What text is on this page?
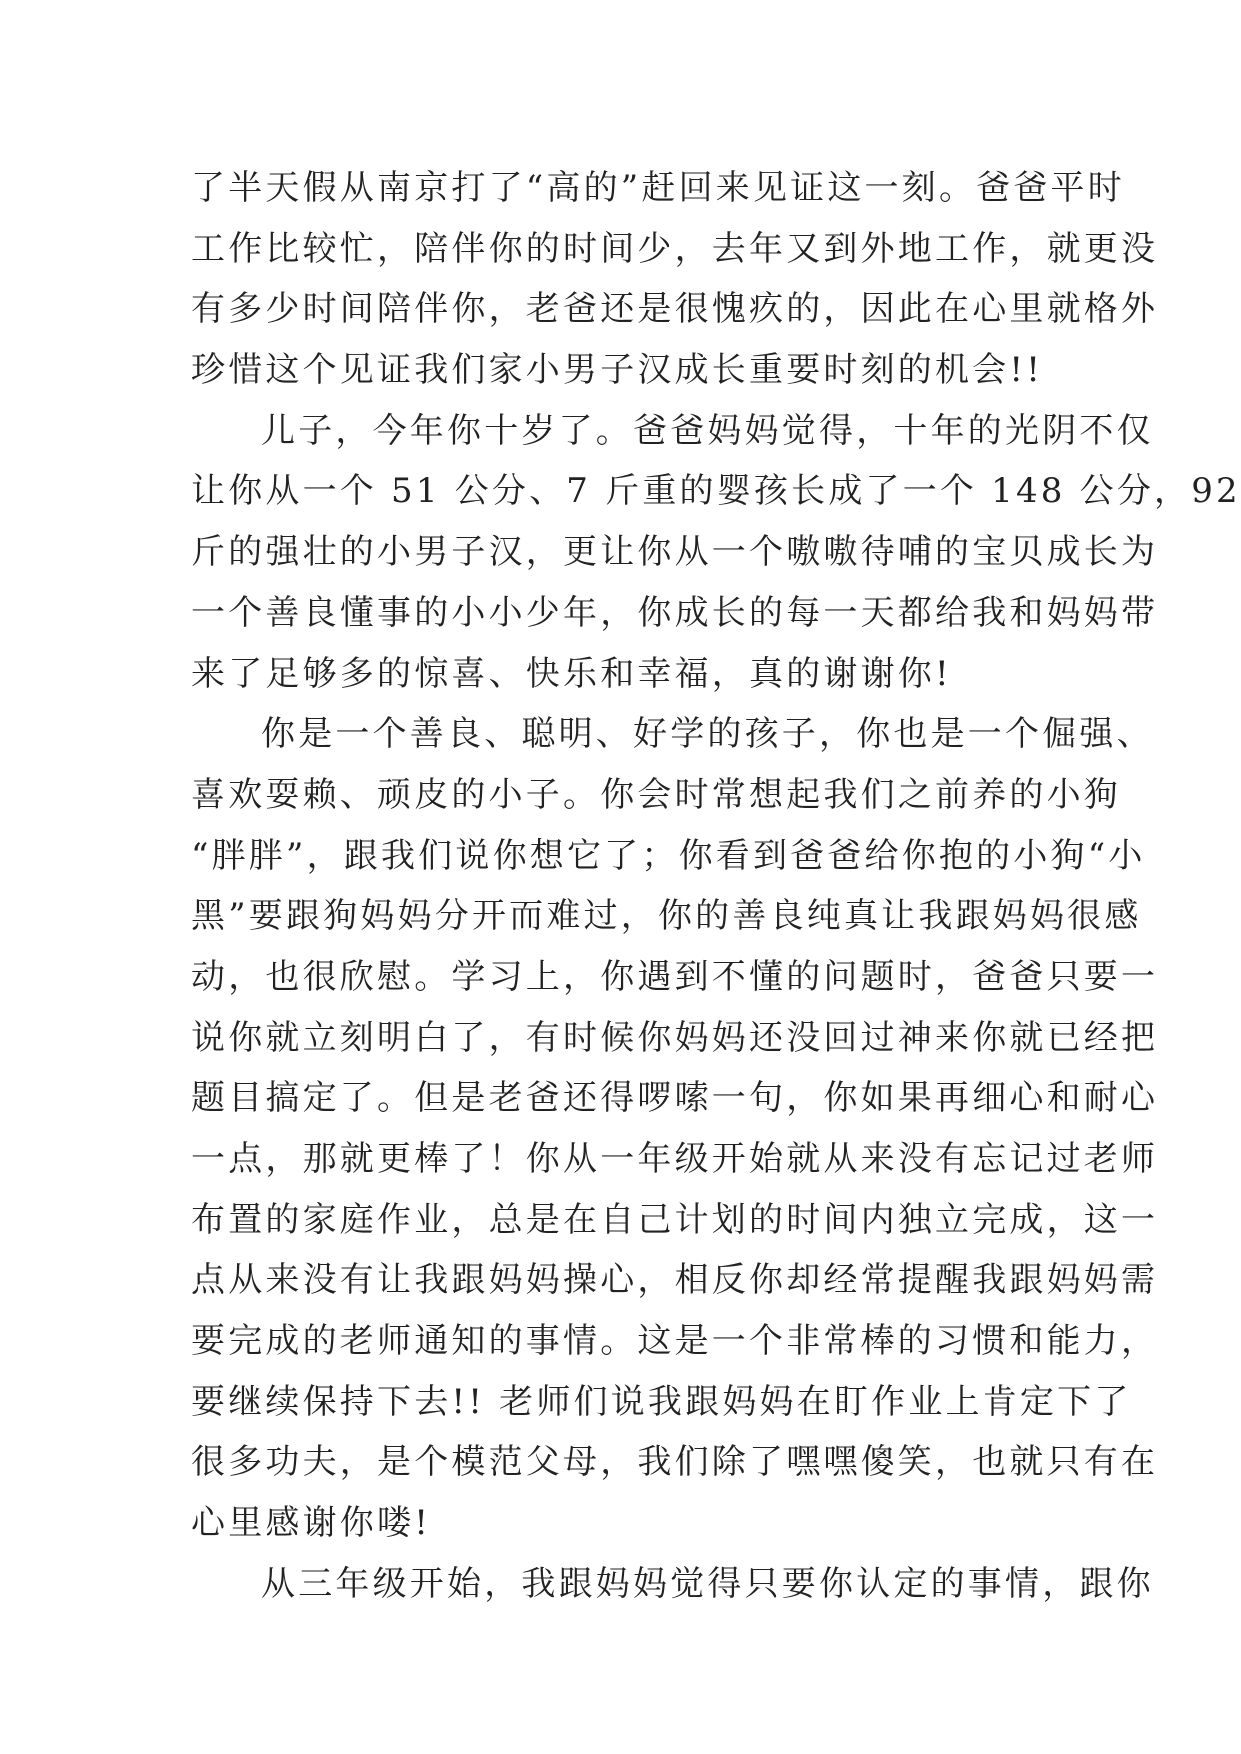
了半天假从南京打了“高的”赶回来见证这一刻。爸爸平时
工作比较忙，陪伴你的时间少，去年又到外地工作，就更没
有多少时间陪伴你，老爸还是很愧疚的，因此在心里就格外
珍惜这个见证我们家小男子汉成长重要时刻的机会!!
儿子，今年你十岁了。爸爸妈妈觉得，十年的光阴不仅
让你从一个 51 公分、7 斤重的婴孩长成了一个 148 公分，92
斤的强壮的小男子汉，更让你从一个嗷嗷待哺的宝贝成长为
一个善良懂事的小小少年，你成长的每一天都给我和妈妈带
来了足够多的惊喜、快乐和幸福，真的谢谢你!
你是一个善良、聪明、好学的孩子，你也是一个倔强、
喜欢耍赖、顽皮的小子。你会时常想起我们之前养的小狗
“胖胖”，跟我们说你想它了；你看到爸爸给你抱的小狗“小
黑”要跟狗妈妈分开而难过，你的善良纯真让我跟妈妈很感
动，也很欣慰。学习上，你遇到不懂的问题时，爸爸只要一
说你就立刻明白了，有时候你妈妈还没回过神来你就已经把
题目搞定了。但是老爸还得啰嗦一句，你如果再细心和耐心
一点，那就更棒了！你从一年级开始就从来没有忘记过老师
布置的家庭作业，总是在自己计划的时间内独立完成，这一
点从来没有让我跟妈妈操心，相反你却经常提醒我跟妈妈需
要完成的老师通知的事情。这是一个非常棒的习惯和能力，
要继续保持下去!! 老师们说我跟妈妈在盯作业上肯定下了
很多功夫，是个模范父母，我们除了嘿嘿傻笑，也就只有在
心里感谢你喽!
从三年级开始，我跟妈妈觉得只要你认定的事情，跟你
